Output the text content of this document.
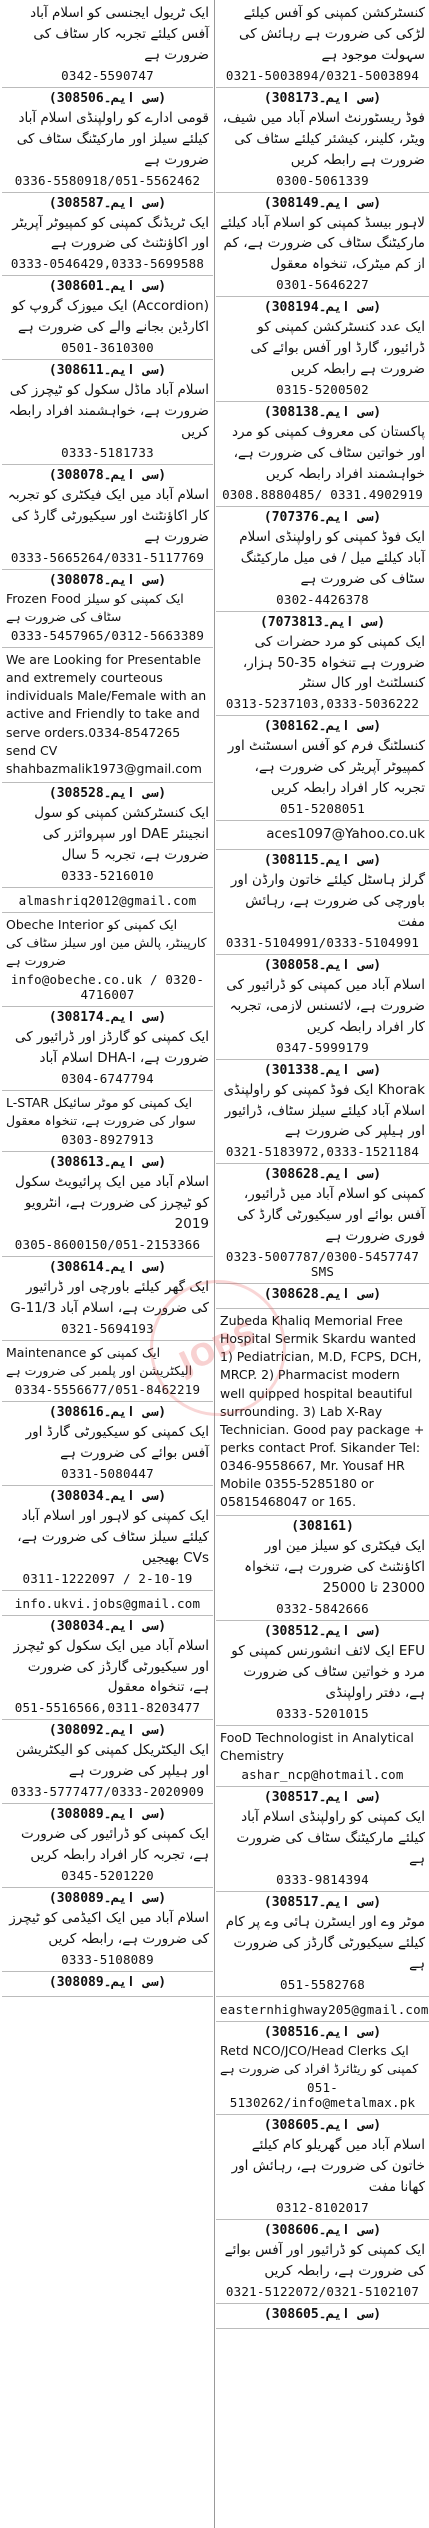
کنسٹرکشن کمپنی کو آفس کیلئے لڑکی کی ضرورت ہے رہائش کی سہولت موجود ہے
0321-5003894/0321-5003894
(سی ایم۔308173)
فوڈ ریسٹورنٹ اسلام آباد میں شیف، ویٹر، کلینر، کیشئر کیلئے سٹاف کی ضرورت ہے رابطہ کریں
0300-5061339
(سی ایم۔308149)
لاہور بیسڈ کمپنی کو اسلام آباد کیلئے مارکیٹنگ سٹاف کی ضرورت ہے، کم از کم میٹرک، تنخواہ معقول
0301-5646227
(سی ایم۔308194)
ایک عدد کنسٹرکشن کمپنی کو ڈرائیور، گارڈ اور آفس بوائے کی ضرورت ہے رابطہ کریں
0315-5200502
(سی ایم۔308138)
پاکستان کی معروف کمپنی کو مرد اور خواتین سٹاف کی ضرورت ہے، خواہشمند افراد رابطہ کریں
0308.8880485/ 0331.4902919
(سی ایم۔707376)
ایک فوڈ کمپنی کو راولپنڈی اسلام آباد کیلئے میل / فی میل مارکیٹنگ سٹاف کی ضرورت ہے
0302-4426378
(سی ایم۔7073813)
ایک کمپنی کو مرد حضرات کی ضرورت ہے تنخواہ 35-50 ہزار، کنسلٹنٹ اور کال سنٹر
0313-5237103,0333-5036222
(سی ایم۔308162)
کنسلٹنگ فرم کو آفس اسسٹنٹ اور کمپیوٹر آپریٹر کی ضرورت ہے، تجربہ کار افراد رابطہ کریں
051-5208051
aces1097@Yahoo.co.uk
(سی ایم۔308115)
گرلز ہاسٹل کیلئے خاتون وارڈن اور باورچی کی ضرورت ہے، رہائش مفت
0331-5104991/0333-5104991
(سی ایم۔308058)
اسلام آباد میں کمپنی کو ڈرائیور کی ضرورت ہے، لائسنس لازمی، تجربہ کار افراد رابطہ کریں
0347-5999179
(سی ایم۔301338)
Khorak ایک فوڈ کمپنی کو راولپنڈی اسلام آباد کیلئے سیلز سٹاف، ڈرائیور اور ہیلپر کی ضرورت ہے
0321-5183972,0333-1521184
(سی ایم۔308628)
کمپنی کو اسلام آباد میں ڈرائیور، آفس بوائے اور سیکیورٹی گارڈ کی فوری ضرورت ہے
0323-5007787/0300-5457747 SMS
(سی ایم۔308628)
Zubeda Khaliq Memorial Free Hospital Sermik Skardu wanted 1) Pediatrician, M.D, FCPS, DCH, MRCP. 2) Pharmacist modern well quipped hospital beautiful surrounding. 3) Lab X-Ray Technician. Good pay package + perks contact Prof. Sikander Tel: 0346-9558667, Mr. Yousaf HR Mobile 0355-5285180 or 05815468047 or 165.
(308161)
ایک فیکٹری کو سیلز مین اور اکاؤنٹنٹ کی ضرورت ہے، تنخواہ 23000 تا 25000
0332-5842666
(سی ایم۔308512)
EFU ایک لائف انشورنس کمپنی کو مرد و خواتین سٹاف کی ضرورت ہے، دفتر راولپنڈی
0333-5201015
FooD Technologist in Analytical Chemistry
ashar_ncp@hotmail.com
(سی ایم۔308517)
ایک کمپنی کو راولپنڈی اسلام آباد کیلئے مارکیٹنگ سٹاف کی ضرورت ہے
0333-9814394
(سی ایم۔308517)
موٹر وے اور ایسٹرن ہائی وے پر کام کیلئے سیکیورٹی گارڈز کی ضرورت ہے
051-5582768
easternhighway205@gmail.com
(سی ایم۔308516)
Retd NCO/JCO/Head Clerks ایک کمپنی کو ریٹائرڈ افراد کی ضرورت ہے
051-5130262/info@metalmax.pk
(سی ایم۔308605)
اسلام آباد میں گھریلو کام کیلئے خاتون کی ضرورت ہے، رہائش اور کھانا مفت
0312-8102017
(سی ایم۔308606)
ایک کمپنی کو ڈرائیور اور آفس بوائے کی ضرورت ہے، رابطہ کریں
0321-5122072/0321-5102107
(سی ایم۔308605)
ایک ٹریول ایجنسی کو اسلام آباد آفس کیلئے تجربہ کار سٹاف کی ضرورت ہے
0342-5590747
(سی ایم۔308506)
قومی ادارے کو راولپنڈی اسلام آباد کیلئے سیلز اور مارکیٹنگ سٹاف کی ضرورت ہے
0336-5580918/051-5562462
(سی ایم۔308587)
ایک ٹریڈنگ کمپنی کو کمپیوٹر آپریٹر اور اکاؤنٹنٹ کی ضرورت ہے
0333-0546429,0333-5699588
(سی ایم۔308601)
(Accordion) ایک میوزک گروپ کو اکارڈین بجانے والے کی ضرورت ہے
0501-3610300
(سی ایم۔308611)
اسلام آباد ماڈل سکول کو ٹیچرز کی ضرورت ہے، خواہشمند افراد رابطہ کریں
0333-5181733
(سی ایم۔308078)
اسلام آباد میں ایک فیکٹری کو تجربہ کار اکاؤنٹنٹ اور سیکیورٹی گارڈ کی ضرورت ہے
0333-5665264/0331-5117769
(سی ایم۔308078)
Frozen Food ایک کمپنی کو سیلز سٹاف کی ضرورت ہے
0333-5457965/0312-5663389
We are Looking for Presentable and extremely courteous individuals Male/Female with an active and Friendly to take and serve orders.0334-8547265 send CV shahbazmalik1973@gmail.com
(سی ایم۔308528)
ایک کنسٹرکشن کمپنی کو سول انجینئر DAE اور سپروائزر کی ضرورت ہے، تجربہ 5 سال
0333-5216010
almashriq2012@gmail.com
Obeche Interior ایک کمپنی کو کارپینٹر، پالش مین اور سیلز سٹاف کی ضرورت ہے
info@obeche.co.uk / 0320-4716007
(سی ایم۔308174)
ایک کمپنی کو گارڈز اور ڈرائیور کی ضرورت ہے، DHA-I اسلام آباد
0304-6747794
L-STAR ایک کمپنی کو موٹر سائیکل سوار کی ضرورت ہے، تنخواہ معقول
0303-8927913
(سی ایم۔308613)
اسلام آباد میں ایک پرائیویٹ سکول کو ٹیچرز کی ضرورت ہے، انٹرویو 2019
0305-8600150/051-2153366
(سی ایم۔308614)
ایک گھر کیلئے باورچی اور ڈرائیور کی ضرورت ہے، اسلام آباد G-11/3
0321-5694193
Maintenance ایک کمپنی کو الیکٹریشن اور پلمبر کی ضرورت ہے
0334-5556677/051-8462219
(سی ایم۔308616)
ایک کمپنی کو سیکیورٹی گارڈ اور آفس بوائے کی ضرورت ہے
0331-5080447
(سی ایم۔308034)
ایک کمپنی کو لاہور اور اسلام آباد کیلئے سیلز سٹاف کی ضرورت ہے، CVs بھیجیں
0311-1222097 / 2-10-19
info.ukvi.jobs@gmail.com
(سی ایم۔308034)
اسلام آباد میں ایک سکول کو ٹیچرز اور سیکیورٹی گارڈز کی ضرورت ہے، تنخواہ معقول
051-5516566,0311-8203477
(سی ایم۔308092)
ایک الیکٹریکل کمپنی کو الیکٹریشن اور ہیلپر کی ضرورت ہے
0333-5777477/0333-2020909
(سی ایم۔308089)
ایک کمپنی کو ڈرائیور کی ضرورت ہے، تجربہ کار افراد رابطہ کریں
0345-5201220
(سی ایم۔308089)
اسلام آباد میں ایک اکیڈمی کو ٹیچرز کی ضرورت ہے، رابطہ کریں
0333-5108089
(سی ایم۔308089)
JOBS
